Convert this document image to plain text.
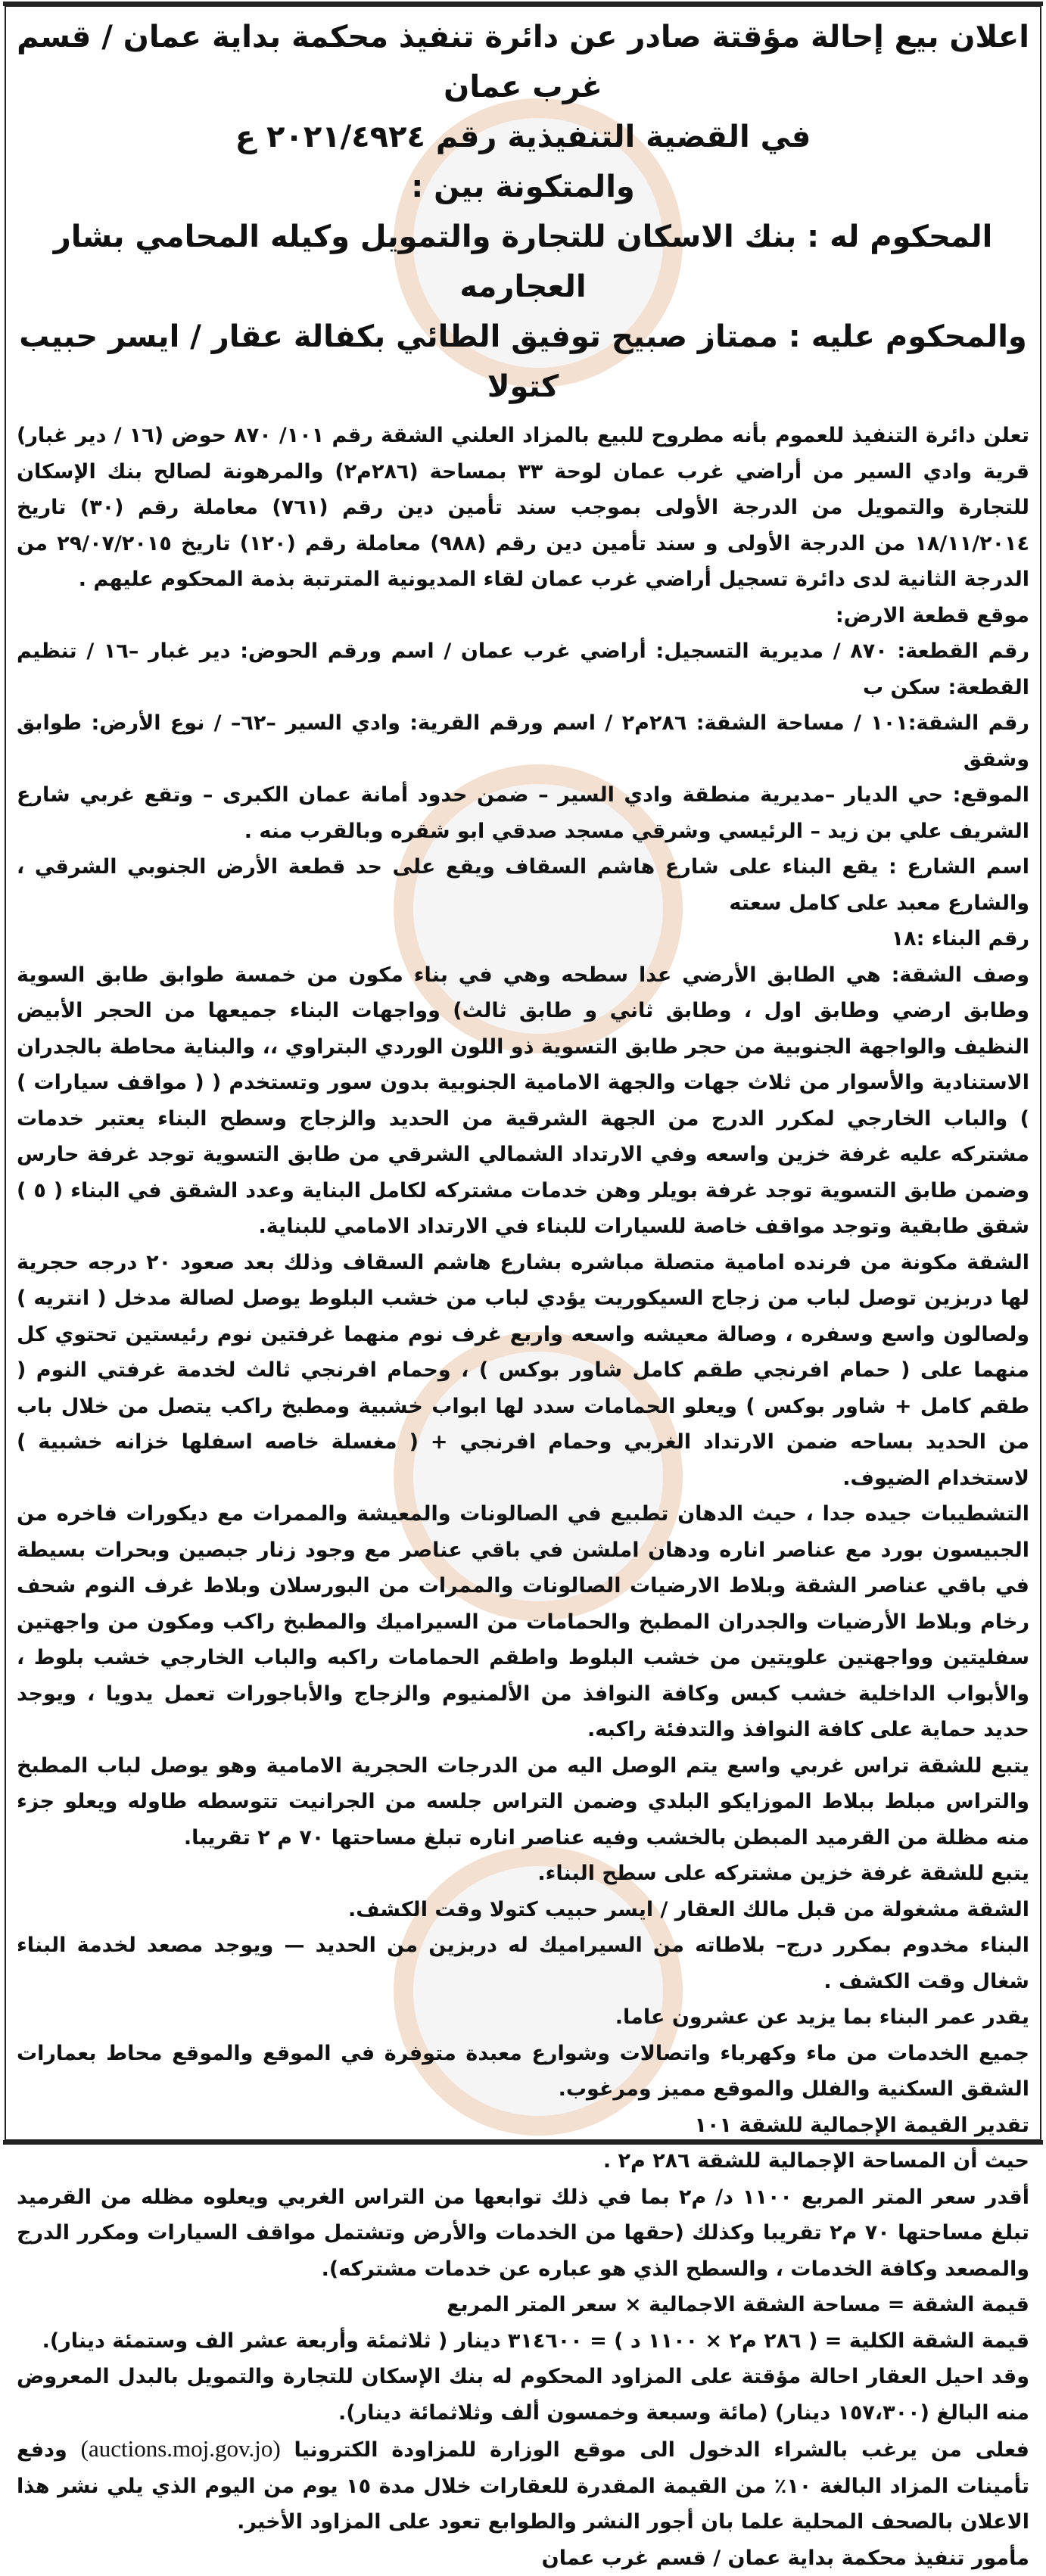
اعلان بيع إحالة مؤقتة صادر عن دائرة تنفيذ محكمة بداية عمان / قسم غرب عمان

في القضية التنفيذية رقم ٢٠٢١/٤٩٢٤ ع

والمتكونة بين :

المحكوم له : بنك الاسكان للتجارة والتمويل وكيله المحامي بشار العجارمه

والمحكوم عليه : ممتاز صبيح توفيق الطائي بكفالة عقار / ايسر حبيب كتولا

تعلن دائرة التنفيذ للعموم بأنه مطروح للبيع بالمزاد العلني الشقة رقم ١٠١/ ٨٧٠ حوض (١٦ / دير غبار) قرية وادي السير من أراضي غرب عمان لوحة ٣٣ بمساحة (٢٨٦م٢) والمرهونة لصالح بنك الإسكان للتجارة والتمويل من الدرجة الأولى بموجب سند تأمين دين رقم (٧٦١) معاملة رقم (٣٠) تاريخ ١٨/١١/٢٠١٤ من الدرجة الأولى و سند تأمين دين رقم (٩٨٨) معاملة رقم (١٢٠) تاريخ ٢٩/٠٧/٢٠١٥ من الدرجة الثانية لدى دائرة تسجيل أراضي غرب عمان لقاء المديونية المترتبة بذمة المحكوم عليهم .

موقع قطعة الارض:

رقم القطعة: ٨٧٠ / مديرية التسجيل: أراضي غرب عمان / اسم ورقم الحوض: دير غبار –١٦ / تنظيم القطعة: سكن ب

رقم الشقة:١٠١ / مساحة الشقة: ٢٨٦م٢ / اسم ورقم القرية: وادي السير –٦٢– / نوع الأرض: طوابق وشقق

الموقع: حي الديار –مديرية منطقة وادي السير – ضمن حدود أمانة عمان الكبرى – وتقع غربي شارع الشريف علي بن زيد – الرئيسي وشرقي مسجد صدقي ابو شقره وبالقرب منه .

اسم الشارع : يقع البناء على شارع هاشم السقاف ويقع على حد قطعة الأرض الجنوبي الشرقي ، والشارع معبد على كامل سعته

رقم البناء :١٨

وصف الشقة: هي الطابق الأرضي عدا سطحه وهي في بناء مكون من خمسة طوابق طابق السوية وطابق ارضي وطابق اول ، وطابق ثاني و طابق ثالث) وواجهات البناء جميعها من الحجر الأبيض النظيف والواجهة الجنوبية من حجر طابق التسوية ذو اللون الوردي البتراوي ،، والبناية محاطة بالجدران الاستنادية والأسوار من ثلاث جهات والجهة الامامية الجنوبية بدون سور وتستخدم ( ( مواقف سيارات ) ) والباب الخارجي لمكرر الدرج من الجهة الشرقية من الحديد والزجاج وسطح البناء يعتبر خدمات مشتركه عليه غرفة خزين واسعه وفي الارتداد الشمالي الشرقي من طابق التسوية توجد غرفة حارس وضمن طابق التسوية توجد غرفة بويلر وهن خدمات مشتركه لكامل البناية وعدد الشقق في البناء ( ٥ ) شقق طابقية وتوجد مواقف خاصة للسيارات للبناء في الارتداد الامامي للبناية.

الشقة مكونة من فرنده امامية متصلة مباشره بشارع هاشم السقاف وذلك بعد صعود ٢٠ درجه حجرية لها دربزين توصل لباب من زجاج السيكوريت يؤدي لباب من خشب البلوط يوصل لصالة مدخل ( انتريه ) ولصالون واسع وسفره ، وصالة معيشه واسعه واربع غرف نوم منهما غرفتين نوم رئيستين تحتوي كل منهما على ( حمام افرنجي طقم كامل شاور بوكس ) ، وحمام افرنجي ثالث لخدمة غرفتي النوم ( طقم كامل + شاور بوكس ) ويعلو الحمامات سدد لها ابواب خشبية ومطبخ راكب يتصل من خلال باب من الحديد بساحه ضمن الارتداد الغربي وحمام افرنجي + ( مغسلة خاصه اسفلها خزانه خشبية ) لاستخدام الضيوف.

التشطيبات جيده جدا ، حيث الدهان تطبيع في الصالونات والمعيشة والممرات مع ديكورات فاخره من الجبيسون بورد مع عناصر اناره ودهان املشن في باقي عناصر مع وجود زنار جبصين وبحرات بسيطة في باقي عناصر الشقة وبلاط الارضيات الصالونات والممرات من البورسلان وبلاط غرف النوم شحف رخام وبلاط الأرضيات والجدران المطبخ والحمامات من السيراميك والمطبخ راكب ومكون من واجهتين سفليتين وواجهتين علويتين من خشب البلوط واطقم الحمامات راكبه والباب الخارجي خشب بلوط ، والأبواب الداخلية خشب كبس وكافة النوافذ من الألمنيوم والزجاج والأباجورات تعمل يدويا ، ويوجد حديد حماية على كافة النوافذ والتدفئة راكبه.

يتبع للشقة تراس غربي واسع يتم الوصل اليه من الدرجات الحجرية الامامية وهو يوصل لباب المطبخ والتراس مبلط ببلاط الموزايكو البلدي وضمن التراس جلسه من الجرانيت تتوسطه طاوله ويعلو جزء منه مظلة من القرميد المبطن بالخشب وفيه عناصر اناره تبلغ مساحتها ٧٠ م ٢ تقريبا.

يتبع للشقة غرفة خزين مشتركه على سطح البناء.

الشقة مشغولة من قبل مالك العقار / ايسر حبيب كتولا وقت الكشف.

البناء مخدوم بمكرر درج– بلاطاته من السيراميك له دربزين من الحديد — ويوجد مصعد لخدمة البناء شغال وقت الكشف .

يقدر عمر البناء بما يزيد عن عشرون عاما.

جميع الخدمات من ماء وكهرباء واتصالات وشوارع معبدة متوفرة في الموقع والموقع محاط بعمارات الشقق السكنية والفلل والموقع مميز ومرغوب.

تقدير القيمة الإجمالية للشقة ١٠١

حيث أن المساحة الإجمالية للشقة ٢٨٦ م٢ .

أقدر سعر المتر المربع ١١٠٠ د/ م٢ بما في ذلك توابعها من التراس الغربي ويعلوه مظله من القرميد تبلغ مساحتها ٧٠ م٢ تقريبا وكذلك (حقها من الخدمات والأرض وتشتمل مواقف السيارات ومكرر الدرج والمصعد وكافة الخدمات ، والسطح الذي هو عباره عن خدمات مشتركه).

قيمة الشقة = مساحة الشقة الاجمالية × سعر المتر المربع

قيمة الشقة الكلية = ( ٢٨٦ م٢ × ١١٠٠ د ) = ٣١٤٦٠٠ دينار ( ثلاثمئة وأربعة عشر الف وستمئة دينار).

وقد احيل العقار احالة مؤقتة على المزاود المحكوم له بنك الإسكان للتجارة والتمويل بالبدل المعروض منه البالغ (١٥٧،٣٠٠ دينار) (مائة وسبعة وخمسون ألف وثلاثمائة دينار).

فعلى من يرغب بالشراء الدخول الى موقع الوزارة للمزاودة الكترونيا (auctions.moj.gov.jo) ودفع تأمينات المزاد البالغة ١٠٪ من القيمة المقدرة للعقارات خلال مدة ١٥ يوم من اليوم الذي يلي نشر هذا الاعلان بالصحف المحلية علما بان أجور النشر والطوابع تعود على المزاود الأخير.

مأمور تنفيذ محكمة بداية عمان / قسم غرب عمان
